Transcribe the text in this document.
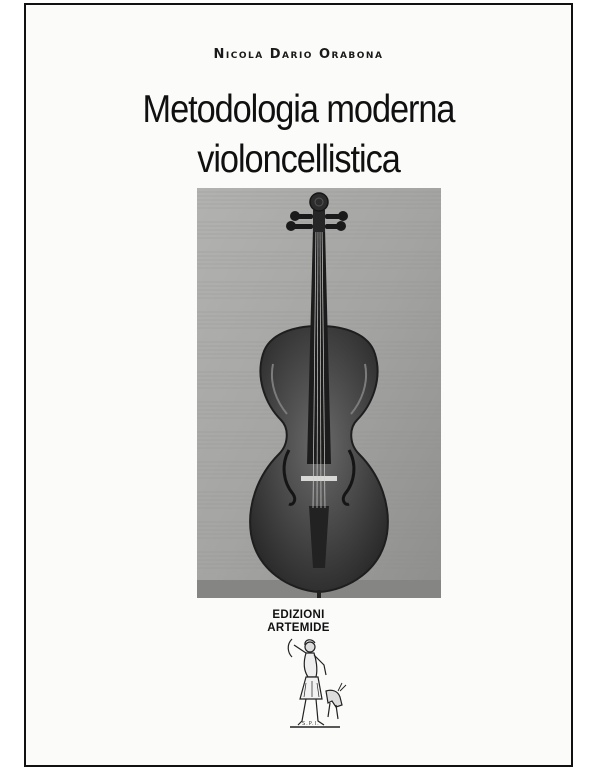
Nicola Dario Orabona
Metodologia moderna
violoncellistica
EDIZIONI
ARTEMIDE
S.P.I.
